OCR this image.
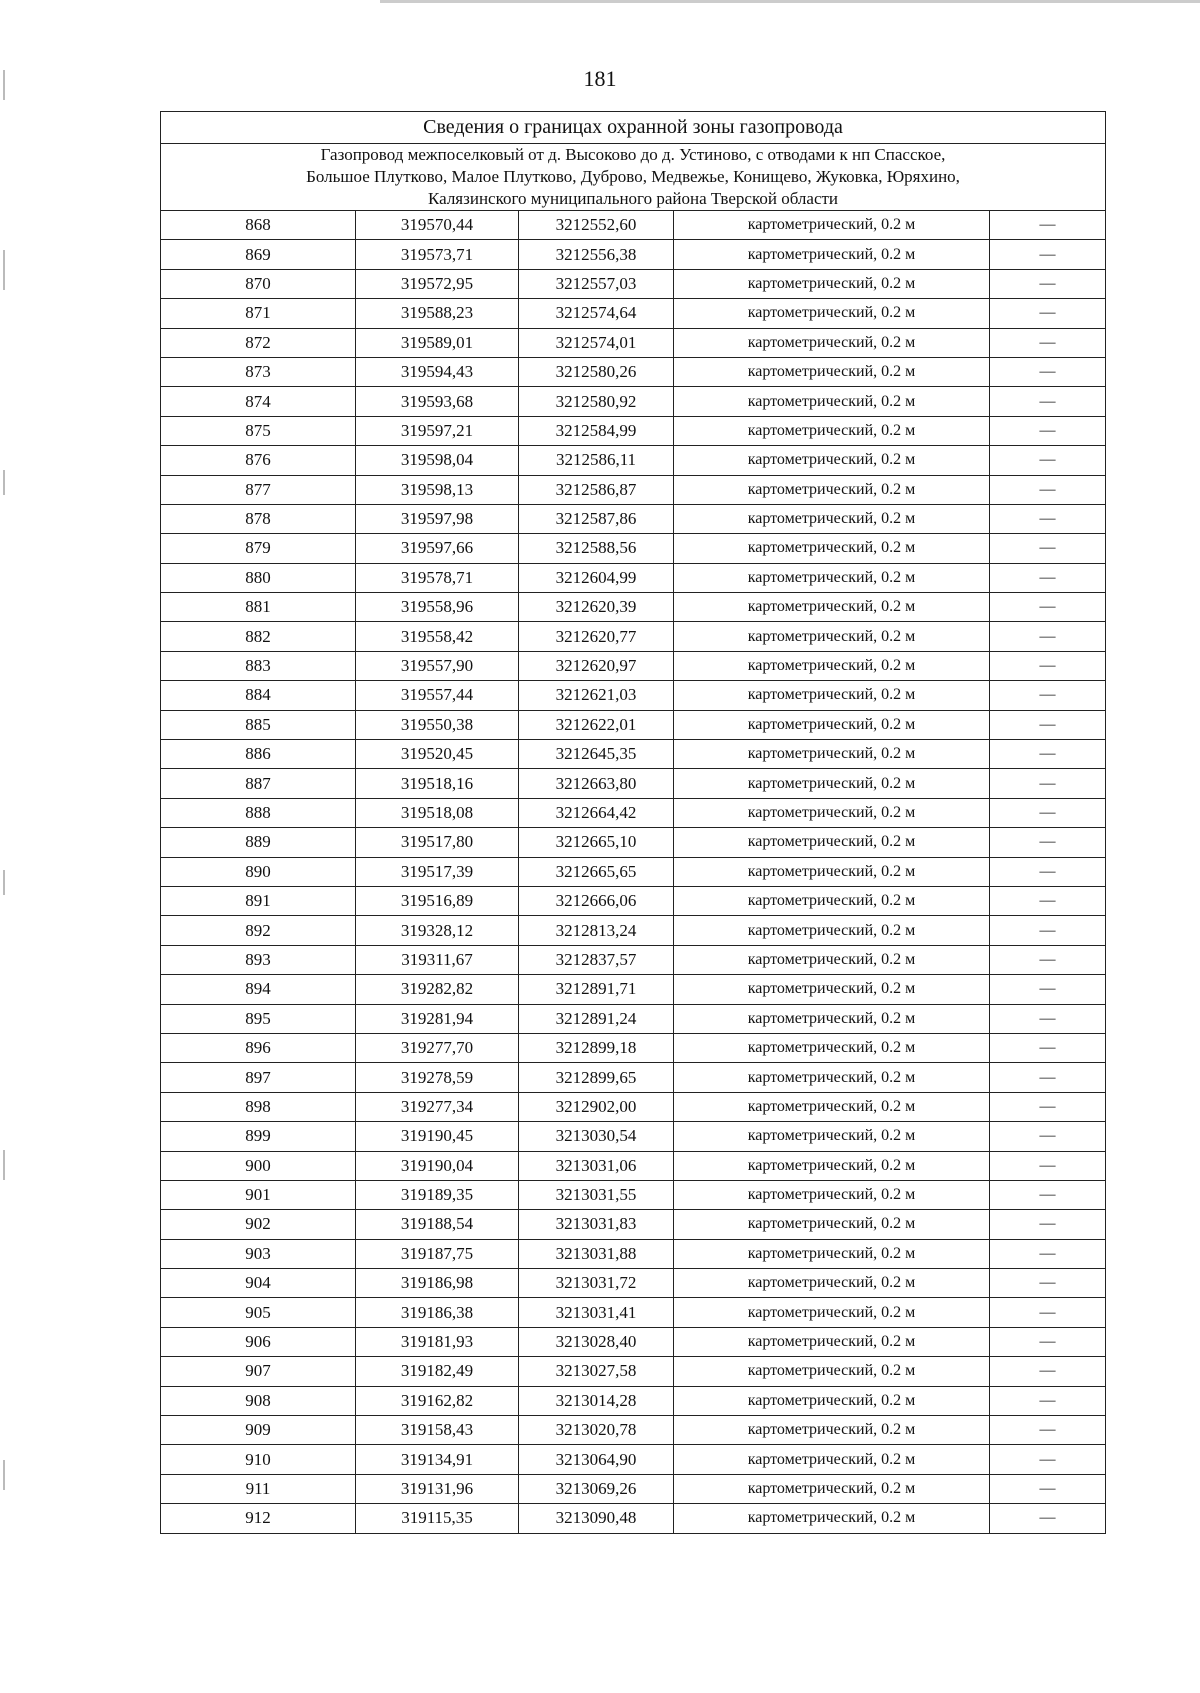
181
Сведения о границах охранной зоны газопровода				

Газопровод межпоселковый от д. Высоково до д. Устиново, с отводами к нп Спасское,
Большое Плутково, Малое Плутково, Дуброво, Медвежье, Конищево, Жуковка, Юряхино,
Калязинского муниципального района Тверской области				

868	319570,44	3212552,60	картометрический, 0.2 м	—
869	319573,71	3212556,38	картометрический, 0.2 м	—
870	319572,95	3212557,03	картометрический, 0.2 м	—
871	319588,23	3212574,64	картометрический, 0.2 м	—
872	319589,01	3212574,01	картометрический, 0.2 м	—
873	319594,43	3212580,26	картометрический, 0.2 м	—
874	319593,68	3212580,92	картометрический, 0.2 м	—
875	319597,21	3212584,99	картометрический, 0.2 м	—
876	319598,04	3212586,11	картометрический, 0.2 м	—
877	319598,13	3212586,87	картометрический, 0.2 м	—
878	319597,98	3212587,86	картометрический, 0.2 м	—
879	319597,66	3212588,56	картометрический, 0.2 м	—
880	319578,71	3212604,99	картометрический, 0.2 м	—
881	319558,96	3212620,39	картометрический, 0.2 м	—
882	319558,42	3212620,77	картометрический, 0.2 м	—
883	319557,90	3212620,97	картометрический, 0.2 м	—
884	319557,44	3212621,03	картометрический, 0.2 м	—
885	319550,38	3212622,01	картометрический, 0.2 м	—
886	319520,45	3212645,35	картометрический, 0.2 м	—
887	319518,16	3212663,80	картометрический, 0.2 м	—
888	319518,08	3212664,42	картометрический, 0.2 м	—
889	319517,80	3212665,10	картометрический, 0.2 м	—
890	319517,39	3212665,65	картометрический, 0.2 м	—
891	319516,89	3212666,06	картометрический, 0.2 м	—
892	319328,12	3212813,24	картометрический, 0.2 м	—
893	319311,67	3212837,57	картометрический, 0.2 м	—
894	319282,82	3212891,71	картометрический, 0.2 м	—
895	319281,94	3212891,24	картометрический, 0.2 м	—
896	319277,70	3212899,18	картометрический, 0.2 м	—
897	319278,59	3212899,65	картометрический, 0.2 м	—
898	319277,34	3212902,00	картометрический, 0.2 м	—
899	319190,45	3213030,54	картометрический, 0.2 м	—
900	319190,04	3213031,06	картометрический, 0.2 м	—
901	319189,35	3213031,55	картометрический, 0.2 м	—
902	319188,54	3213031,83	картометрический, 0.2 м	—
903	319187,75	3213031,88	картометрический, 0.2 м	—
904	319186,98	3213031,72	картометрический, 0.2 м	—
905	319186,38	3213031,41	картометрический, 0.2 м	—
906	319181,93	3213028,40	картометрический, 0.2 м	—
907	319182,49	3213027,58	картометрический, 0.2 м	—
908	319162,82	3213014,28	картометрический, 0.2 м	—
909	319158,43	3213020,78	картометрический, 0.2 м	—
910	319134,91	3213064,90	картометрический, 0.2 м	—
911	319131,96	3213069,26	картометрический, 0.2 м	—
912	319115,35	3213090,48	картометрический, 0.2 м	—
